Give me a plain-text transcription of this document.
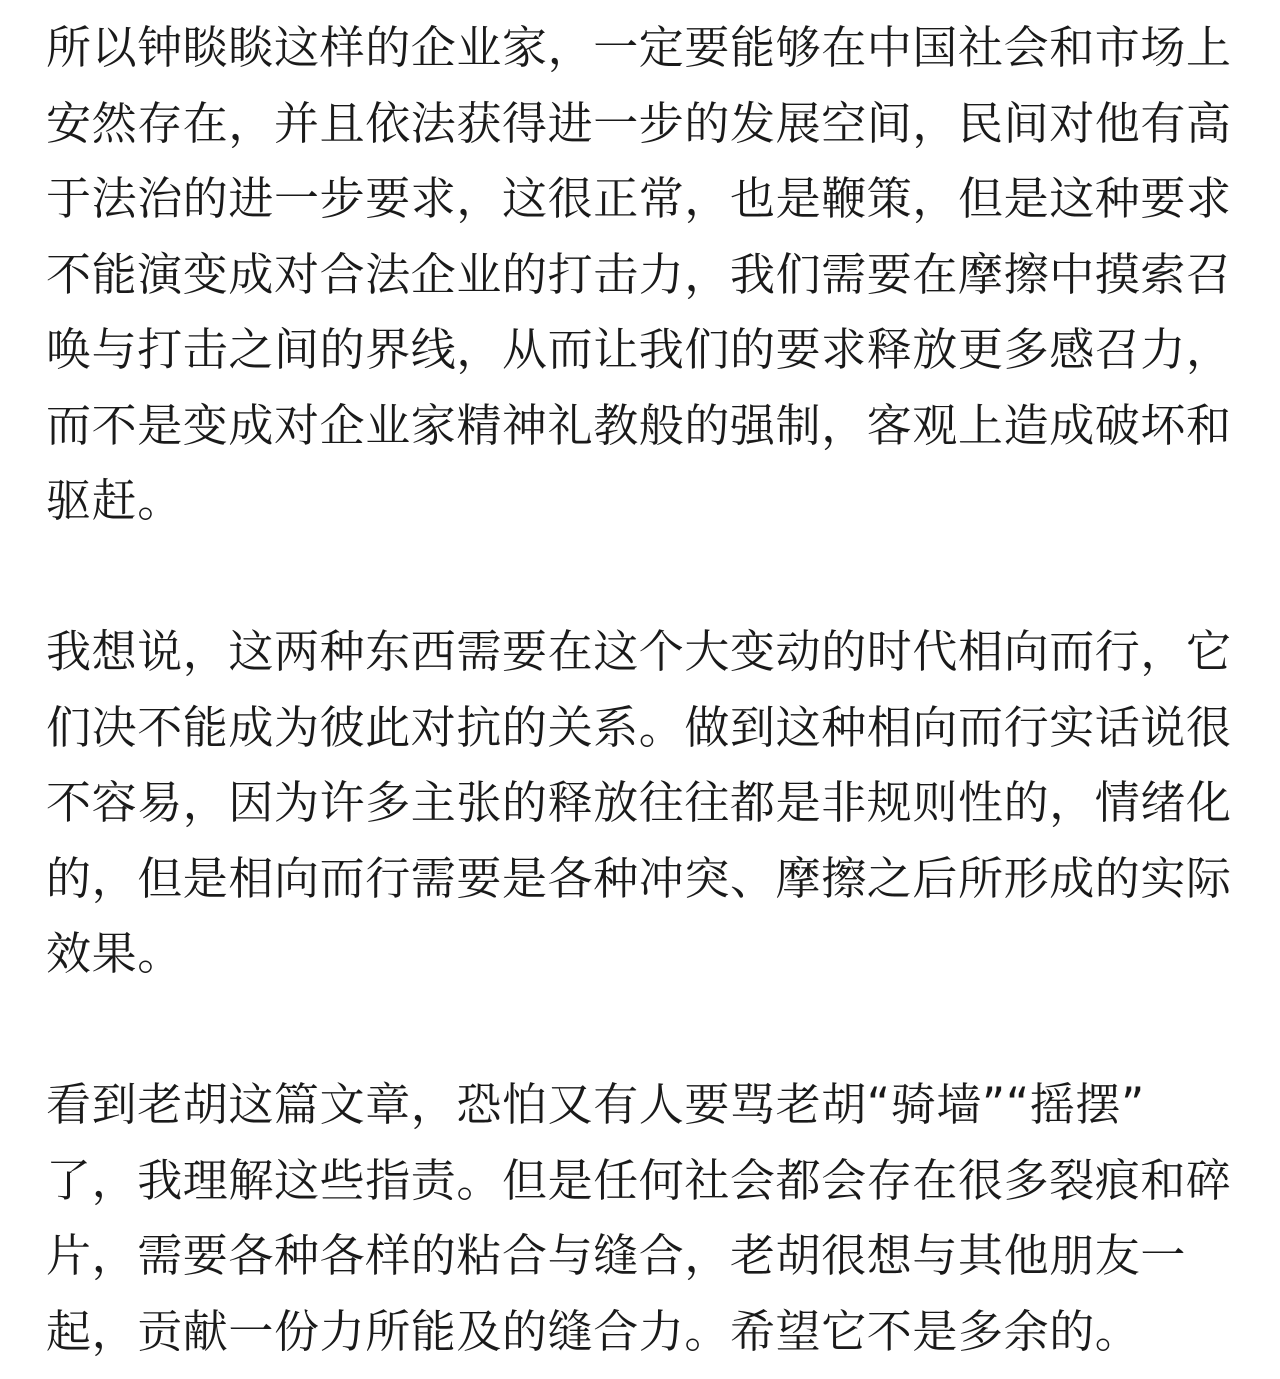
所以钟睒睒这样的企业家，一定要能够在中国社会和市场上
安然存在，并且依法获得进一步的发展空间，民间对他有高
于法治的进一步要求，这很正常，也是鞭策，但是这种要求
不能演变成对合法企业的打击力，我们需要在摩擦中摸索召
唤与打击之间的界线，从而让我们的要求释放更多感召力，
而不是变成对企业家精神礼教般的强制，客观上造成破坏和
驱赶。
我想说，这两种东西需要在这个大变动的时代相向而行，它
们决不能成为彼此对抗的关系。做到这种相向而行实话说很
不容易，因为许多主张的释放往往都是非规则性的，情绪化
的，但是相向而行需要是各种冲突、摩擦之后所形成的实际
效果。
看到老胡这篇文章，恐怕又有人要骂老胡“骑墙”“摇摆”
了，我理解这些指责。但是任何社会都会存在很多裂痕和碎
片，需要各种各样的粘合与缝合，老胡很想与其他朋友一
起，贡献一份力所能及的缝合力。希望它不是多余的。
